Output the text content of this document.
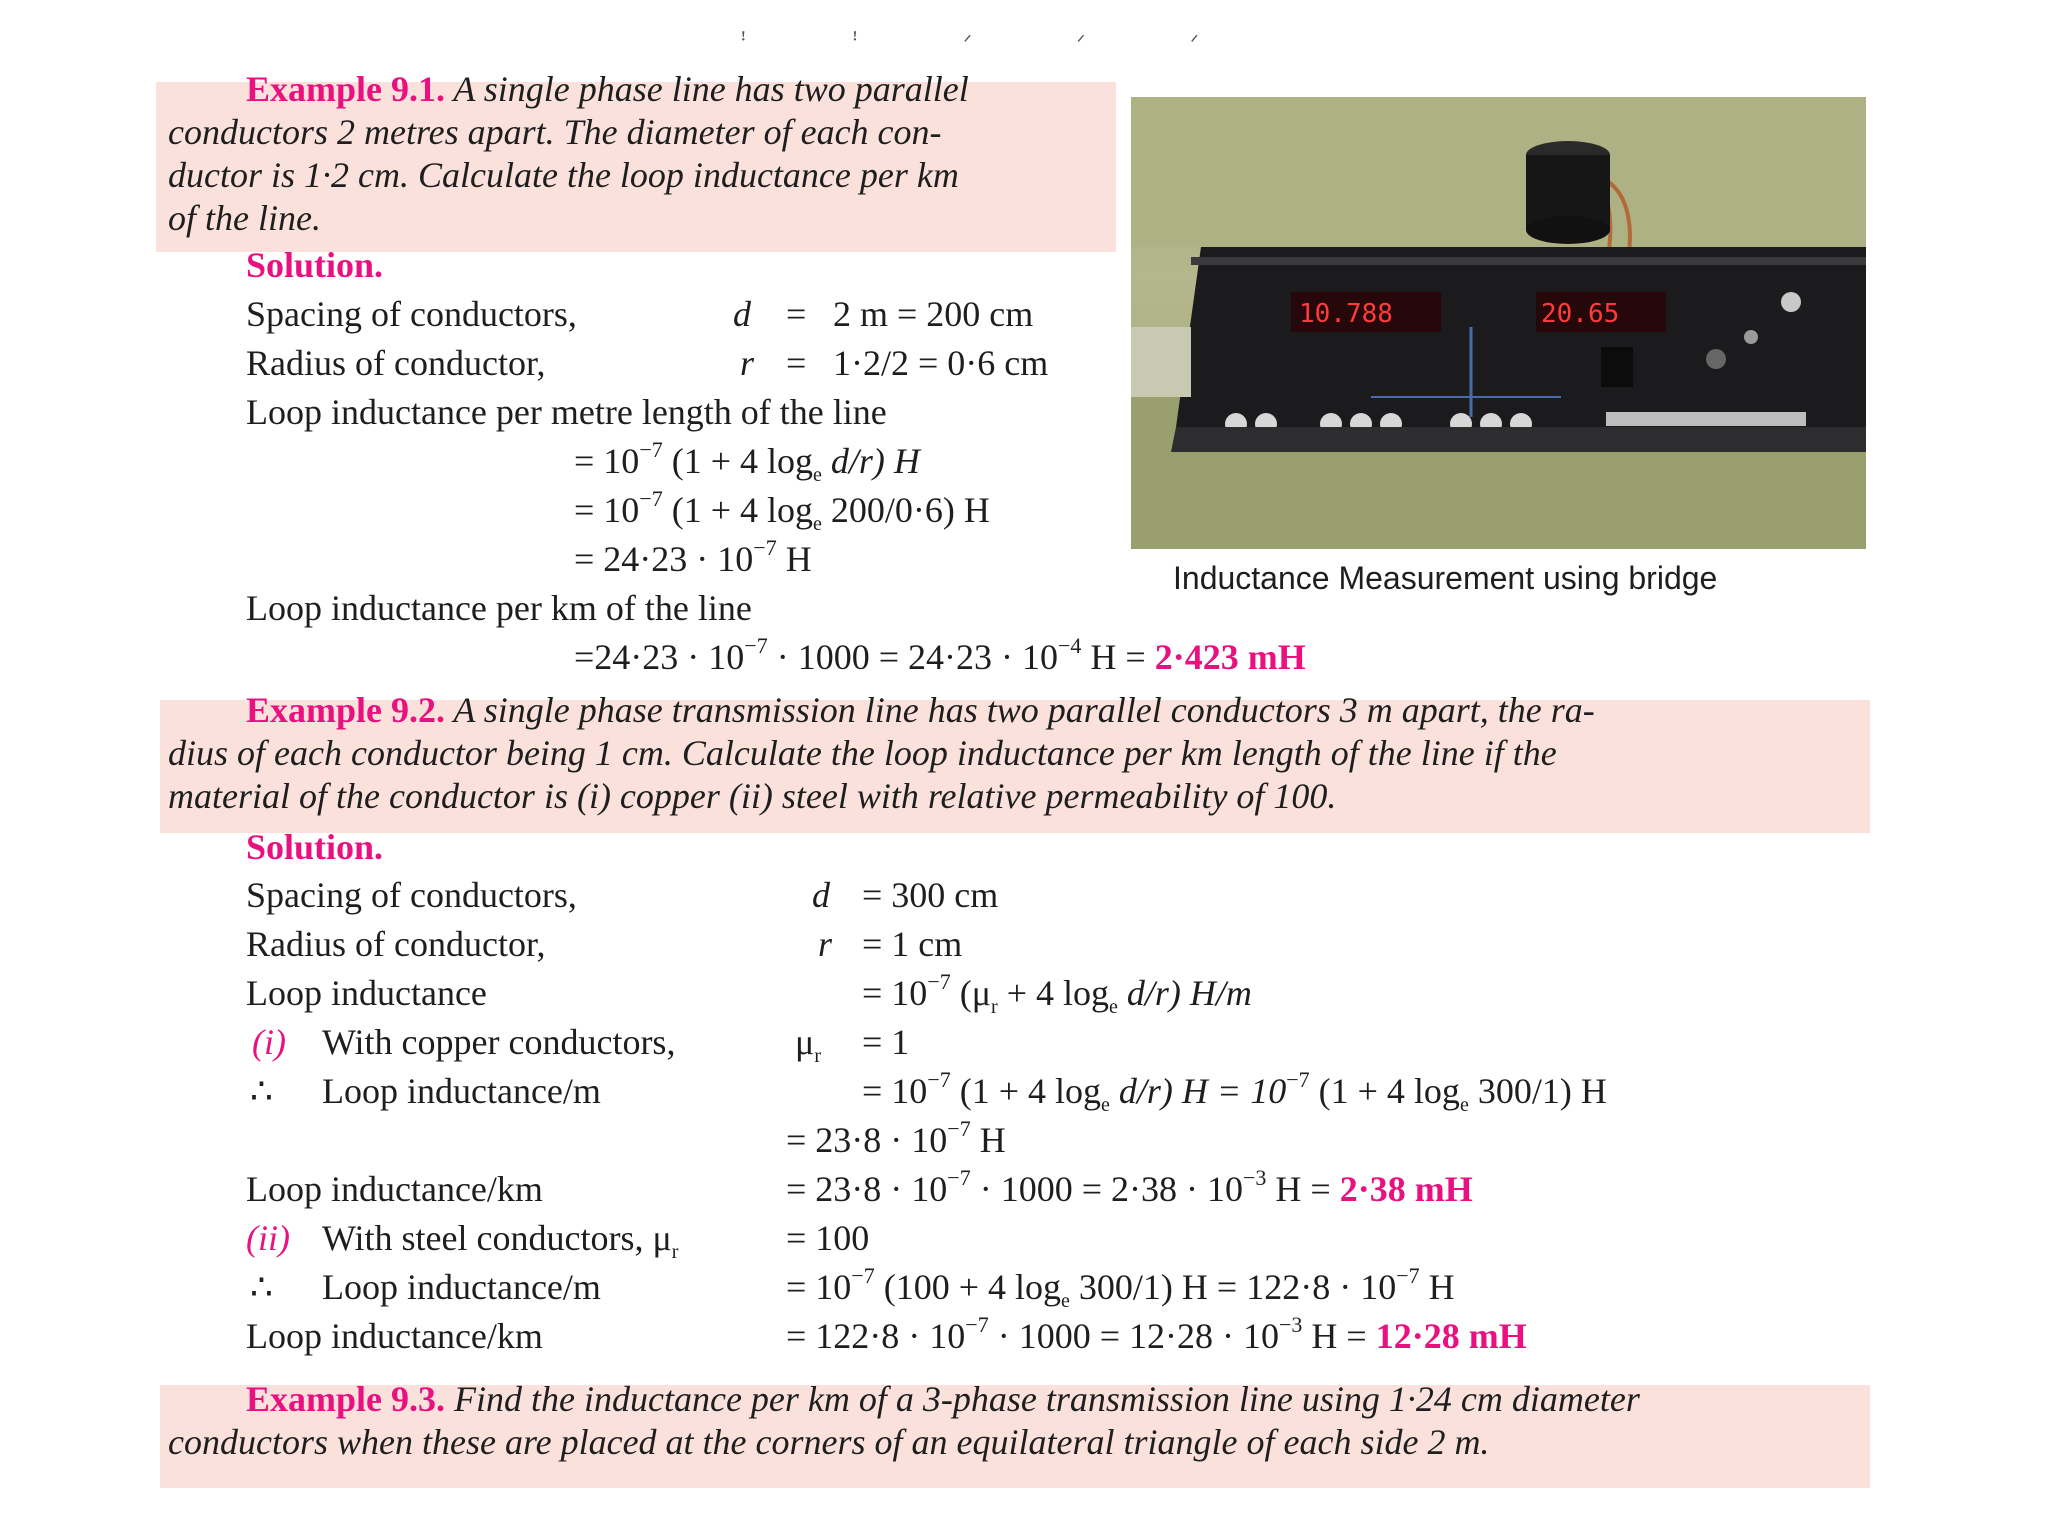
ꜝ ꜝ ᐟ ᐟ ᐟ
Example 9.1. A single phase line has two parallel
conductors 2 metres apart. The diameter of each con-
ductor is 1·2 cm. Calculate the loop inductance per km
of the line.
Solution.
Spacing of conductors,	d = 2 m = 200 cm
Radius of conductor,	r = 1·2/2 = 0·6 cm
Loop inductance per metre length of the line
= $10^{-7}$ (1 + 4 $\log_e d/r$) H
= $10^{-7}$ (1 + 4 $\log_e 200/0\cdot 6$) H
= $24\cdot 23 \cdot 10^{-7}$ H
Loop inductance per km of the line
$=24\cdot 23 \cdot 10^{-7} \cdot 1000 = 24\cdot 23 \cdot 10^{-4}$ H = 2·423 mH
10.788	20.65
Inductance Measurement using bridge
Example 9.2. A single phase transmission line has two parallel conductors 3 m apart, the ra-
dius of each conductor being 1 cm. Calculate the loop inductance per km length of the line if the
material of the conductor is (i) copper (ii) steel with relative permeability of 100.
Solution.
Spacing of conductors,	d = 300 cm
Radius of conductor,	r = 1 cm
Loop inductance	= $10^{-7}$ ($\mu_r + 4$ $\log_e d/r$) H/m
(i) With copper conductors,	$\mu_r = 1$
∴ Loop inductance/m	= $10^{-7}$ (1 + 4 $\log_e d/r$) $H = 10^{-7}$ (1 + 4 $\log_e 300/1$) H
= $23\cdot 8 \cdot 10^{-7}$ H
Loop inductance/km	= $23\cdot 8 \cdot 10^{-7} \cdot 1000 = 2\cdot 38 \cdot 10^{-3}$ H = 2·38 mH
(ii) With steel conductors, $\mu_r$	= 100
∴ Loop inductance/m	= $10^{-7}$ (100 + 4 $\log_e 300/1$) $H = 122\cdot 8 \cdot 10^{-7}$ H
Loop inductance/km	= $122\cdot 8 \cdot 10^{-7} \cdot 1000 = 12\cdot 28 \cdot 10^{-3}$ H = 12·28 mH
Example 9.3. Find the inductance per km of a 3-phase transmission line using 1·24 cm diameter
conductors when these are placed at the corners of an equilateral triangle of each side 2 m.
